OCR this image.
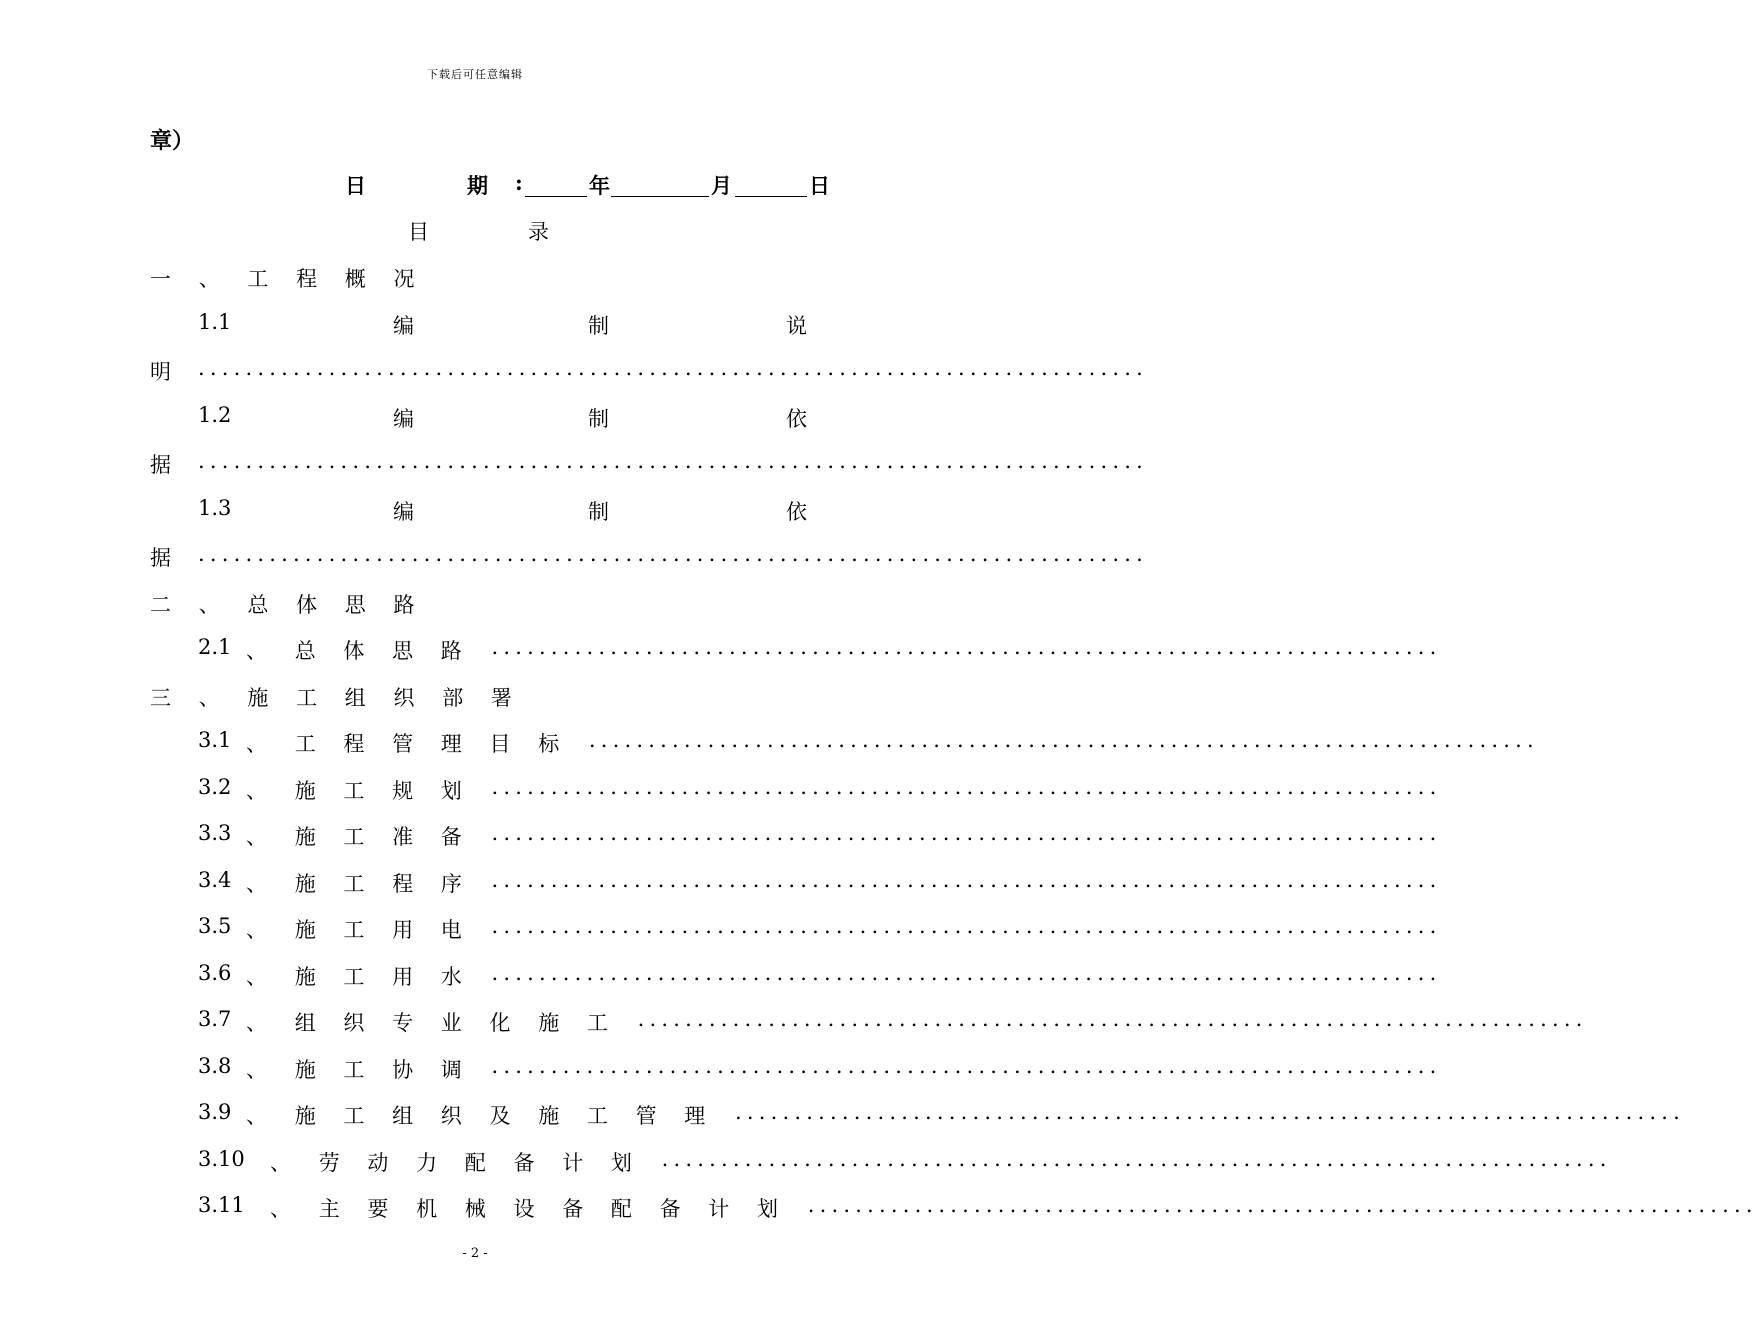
下载后可任意编辑
章）
日	期 :	年	月	日
目	录
一 、 工 程 概 况
1.1	编	制	说
明 ................................................................................
1.2	编	制	依
据 ................................................................................
1.3	编	制	依
据 ................................................................................
二 、 总 体 思 路
2.1 、 总 体 思 路 ................................................................................
三 、 施 工 组 织 部 署
3.1 、 工 程 管 理 目 标 ................................................................................
3.2 、 施 工 规 划 ................................................................................
3.3 、 施 工 准 备 ................................................................................
3.4 、 施 工 程 序 ................................................................................
3.5 、 施 工 用 电 ................................................................................
3.6 、 施 工 用 水 ................................................................................
3.7 、 组 织 专 业 化 施 工 ................................................................................
3.8 、 施 工 协 调 ................................................................................
3.9 、 施 工 组 织 及 施 工 管 理 ................................................................................
3.10 、 劳 动 力 配 备 计 划 ................................................................................
3.11 、 主 要 机 械 设 备 配 备 计 划 ................................................................................
- 2 -
